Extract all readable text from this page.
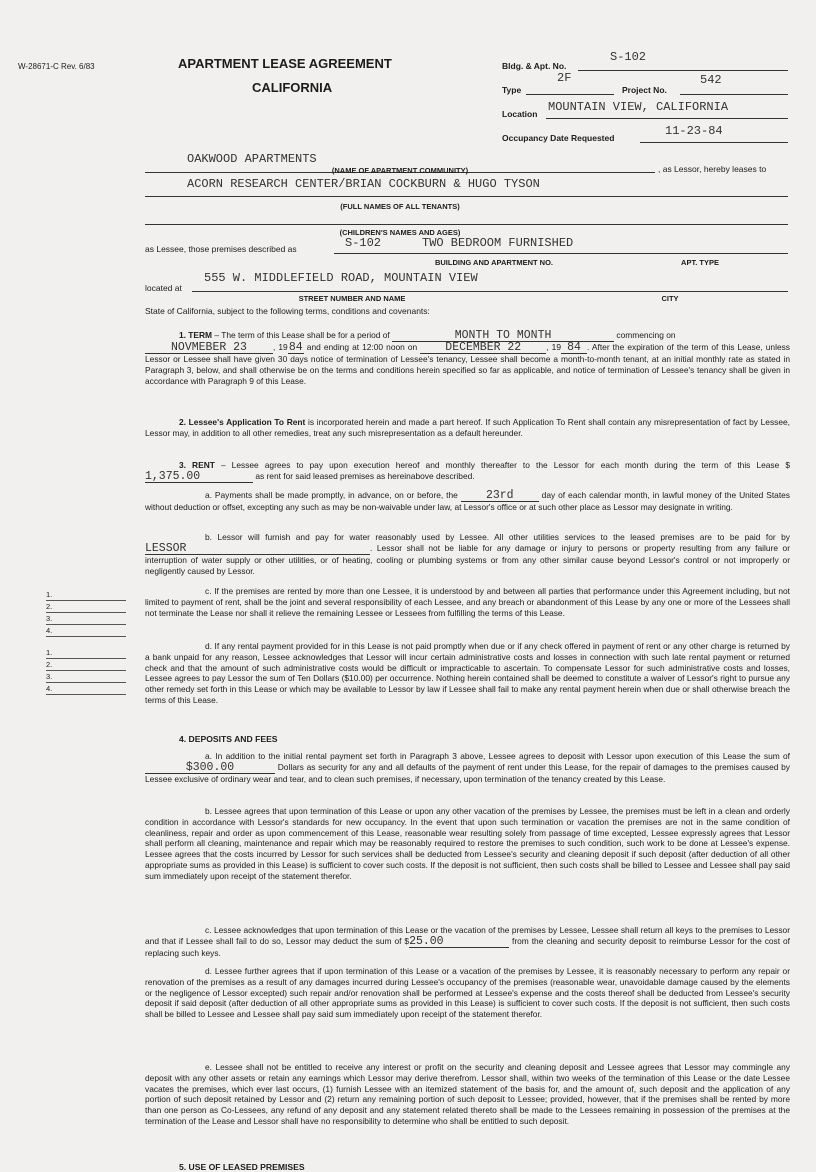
W-28671-C Rev. 6/83	APARTMENT LEASE AGREEMENT
CALIFORNIA
Bldg. & Apt. No.
S-102
Type
2F
Project No.
542
Location MOUNTAIN VIEW, CALIFORNIA
Occupancy Date Requested	11-23-84
OAKWOOD APARTMENTS
(NAME OF APARTMENT COMMUNITY)	, as Lessor, hereby leases to
ACORN RESEARCH CENTER/BRIAN COCKBURN & HUGO TYSON
(FULL NAMES OF ALL TENANTS)
(CHILDREN'S NAMES AND AGES)
as Lessee, those premises described as	S-102	TWO BEDROOM FURNISHED
BUILDING AND APARTMENT NO.	APT. TYPE
located at
555 W. MIDDLEFIELD ROAD, MOUNTAIN VIEW
STREET NUMBER AND NAME	CITY
State of California, subject to the following terms, conditions and covenants:
1. TERM – The term of this Lease shall be for a period of	MONTH TO MONTH	commencing on
NOVMEBER 23	, 1984 and ending at 12:00 noon on DECEMBER 22	, 19 84 . After the expiration of the term of this Lease, unless Lessor or Lessee shall have given 30 days notice of termination of Lessee's tenancy, Lessee shall become a month-to-month tenant, at an initial monthly rate as stated in Paragraph 3, below, and shall otherwise be on the terms and conditions herein specified so far as applicable, and notice of termination of Lessee's tenancy shall be given in accordance with Paragraph 9 of this Lease.
2. Lessee's Application To Rent is incorporated herein and made a part hereof. If such Application To Rent shall contain any misrepresentation of fact by Lessee, Lessor may, in addition to all other remedies, treat any such misrepresentation as a default hereunder.
3. RENT – Lessee agrees to pay upon execution hereof and monthly thereafter to the Lessor for each month during the term of this Lease $1,375.00	as rent for said leased premises as hereinabove described.
a. Payments shall be made promptly, in advance, on or before, the 23rd	day of each calendar month, in lawful money of the United States without deduction or offset, excepting any such as may be non-waivable under law, at Lessor's office or at such other place as Lessor may designate in writing.
b. Lessor will furnish and pay for water reasonably used by Lessee. All other utilities services to the leased premises are to be paid for by LESSOR	. Lessor shall not be liable for any damage or injury to persons or property resulting from any failure or interruption of water supply or other utilities, or of heating, cooling or plumbing systems or from any other similar cause beyond Lessor's control or not improperly or negligently caused by Lessor.
c. If the premises are rented by more than one Lessee, it is understood by and between all parties that performance under this Agreement including, but not limited to payment of rent, shall be the joint and several responsibility of each Lessee, and any breach or abandonment of this Lease by any one or more of the Lessees shall not terminate the Lease nor shall it relieve the remaining Lessee or Lessees from fulfilling the terms of this Lease.
d. If any rental payment provided for in this Lease is not paid promptly when due or if any check offered in payment of rent or any other charge is returned by a bank unpaid for any reason, Lessee acknowledges that Lessor will incur certain administrative costs and losses in connection with such late rental payment or returned check and that the amount of such administrative costs would be difficult or impracticable to ascertain. To compensate Lessor for such administrative costs and losses, Lessee agrees to pay Lessor the sum of Ten Dollars ($10.00) per occurrence. Nothing herein contained shall be deemed to constitute a waiver of Lessor's right to pursue any other remedy set forth in this Lease or which may be available to Lessor by law if Lessee shall fail to make any rental payment herein when due or shall otherwise breach the terms of this Lease.
1.
2.
3.
4.
1.
2.
3.
4.
4. DEPOSITS AND FEES
a. In addition to the initial rental payment set forth in Paragraph 3 above, Lessee agrees to deposit with Lessor upon execution of this Lease the sum of $300.00	Dollars as security for any and all defaults of the payment of rent under this Lease, for the repair of damages to the premises caused by Lessee exclusive of ordinary wear and tear, and to clean such premises, if necessary, upon termination of the tenancy created by this Lease.
b. Lessee agrees that upon termination of this Lease or upon any other vacation of the premises by Lessee, the premises must be left in a clean and orderly condition in accordance with Lessor's standards for new occupancy. In the event that upon such termination or vacation the premises are not in the same condition of cleanliness, repair and order as upon commencement of this Lease, reasonable wear resulting solely from passage of time excepted, Lessee expressly agrees that Lessor shall perform all cleaning, maintenance and repair which may be reasonably required to restore the premises to such condition, such work to be done at Lessee's expense. Lessee agrees that the costs incurred by Lessor for such services shall be deducted from Lessee's security and cleaning deposit if such deposit (after deduction of all other appropriate sums as provided in this Lease) is sufficient to cover such costs. If the deposit is not sufficient, then such costs shall be billed to Lessee and Lessee shall pay said sum immediately upon receipt of the statement therefor.
c. Lessee acknowledges that upon termination of this Lease or the vacation of the premises by Lessee, Lessee shall return all keys to the premises to Lessor and that if Lessee shall fail to do so, Lessor may deduct the sum of $25.00	from the cleaning and security deposit to reimburse Lessor for the cost of replacing such keys.
d. Lessee further agrees that if upon termination of this Lease or a vacation of the premises by Lessee, it is reasonably necessary to perform any repair or renovation of the premises as a result of any damages incurred during Lessee's occupancy of the premises (reasonable wear, unavoidable damage caused by the elements or the negligence of Lessor excepted) such repair and/or renovation shall be performed at Lessee's expense and the costs thereof shall be deducted from Lessee's security deposit if said deposit (after deduction of all other appropriate sums as provided in this Lease) is sufficient to cover such costs. If the deposit is not sufficient, then such costs shall be billed to Lessee and Lessee shall pay said sum immediately upon receipt of the statement therefor.
e. Lessee shall not be entitled to receive any interest or profit on the security and cleaning deposit and Lessee agrees that Lessor may commingle any deposit with any other assets or retain any earnings which Lessor may derive therefrom. Lessor shall, within two weeks of the termination of this Lease or the date Lessee vacates the premises, which ever last occurs, (1) furnish Lessee with an itemized statement of the basis for, and the amount of, such deposit and the application of any portion of such deposit retained by Lessor and (2) return any remaining portion of such deposit to Lessee; provided, however, that if the premises shall be rented by more than one person as Co-Lessees, any refund of any deposit and any statement related thereto shall be made to the Lessees remaining in possession of the premises at the termination of the Lease and Lessor shall have no responsibility to determine who shall be entitled to such deposit.
5. USE OF LEASED PREMISES
